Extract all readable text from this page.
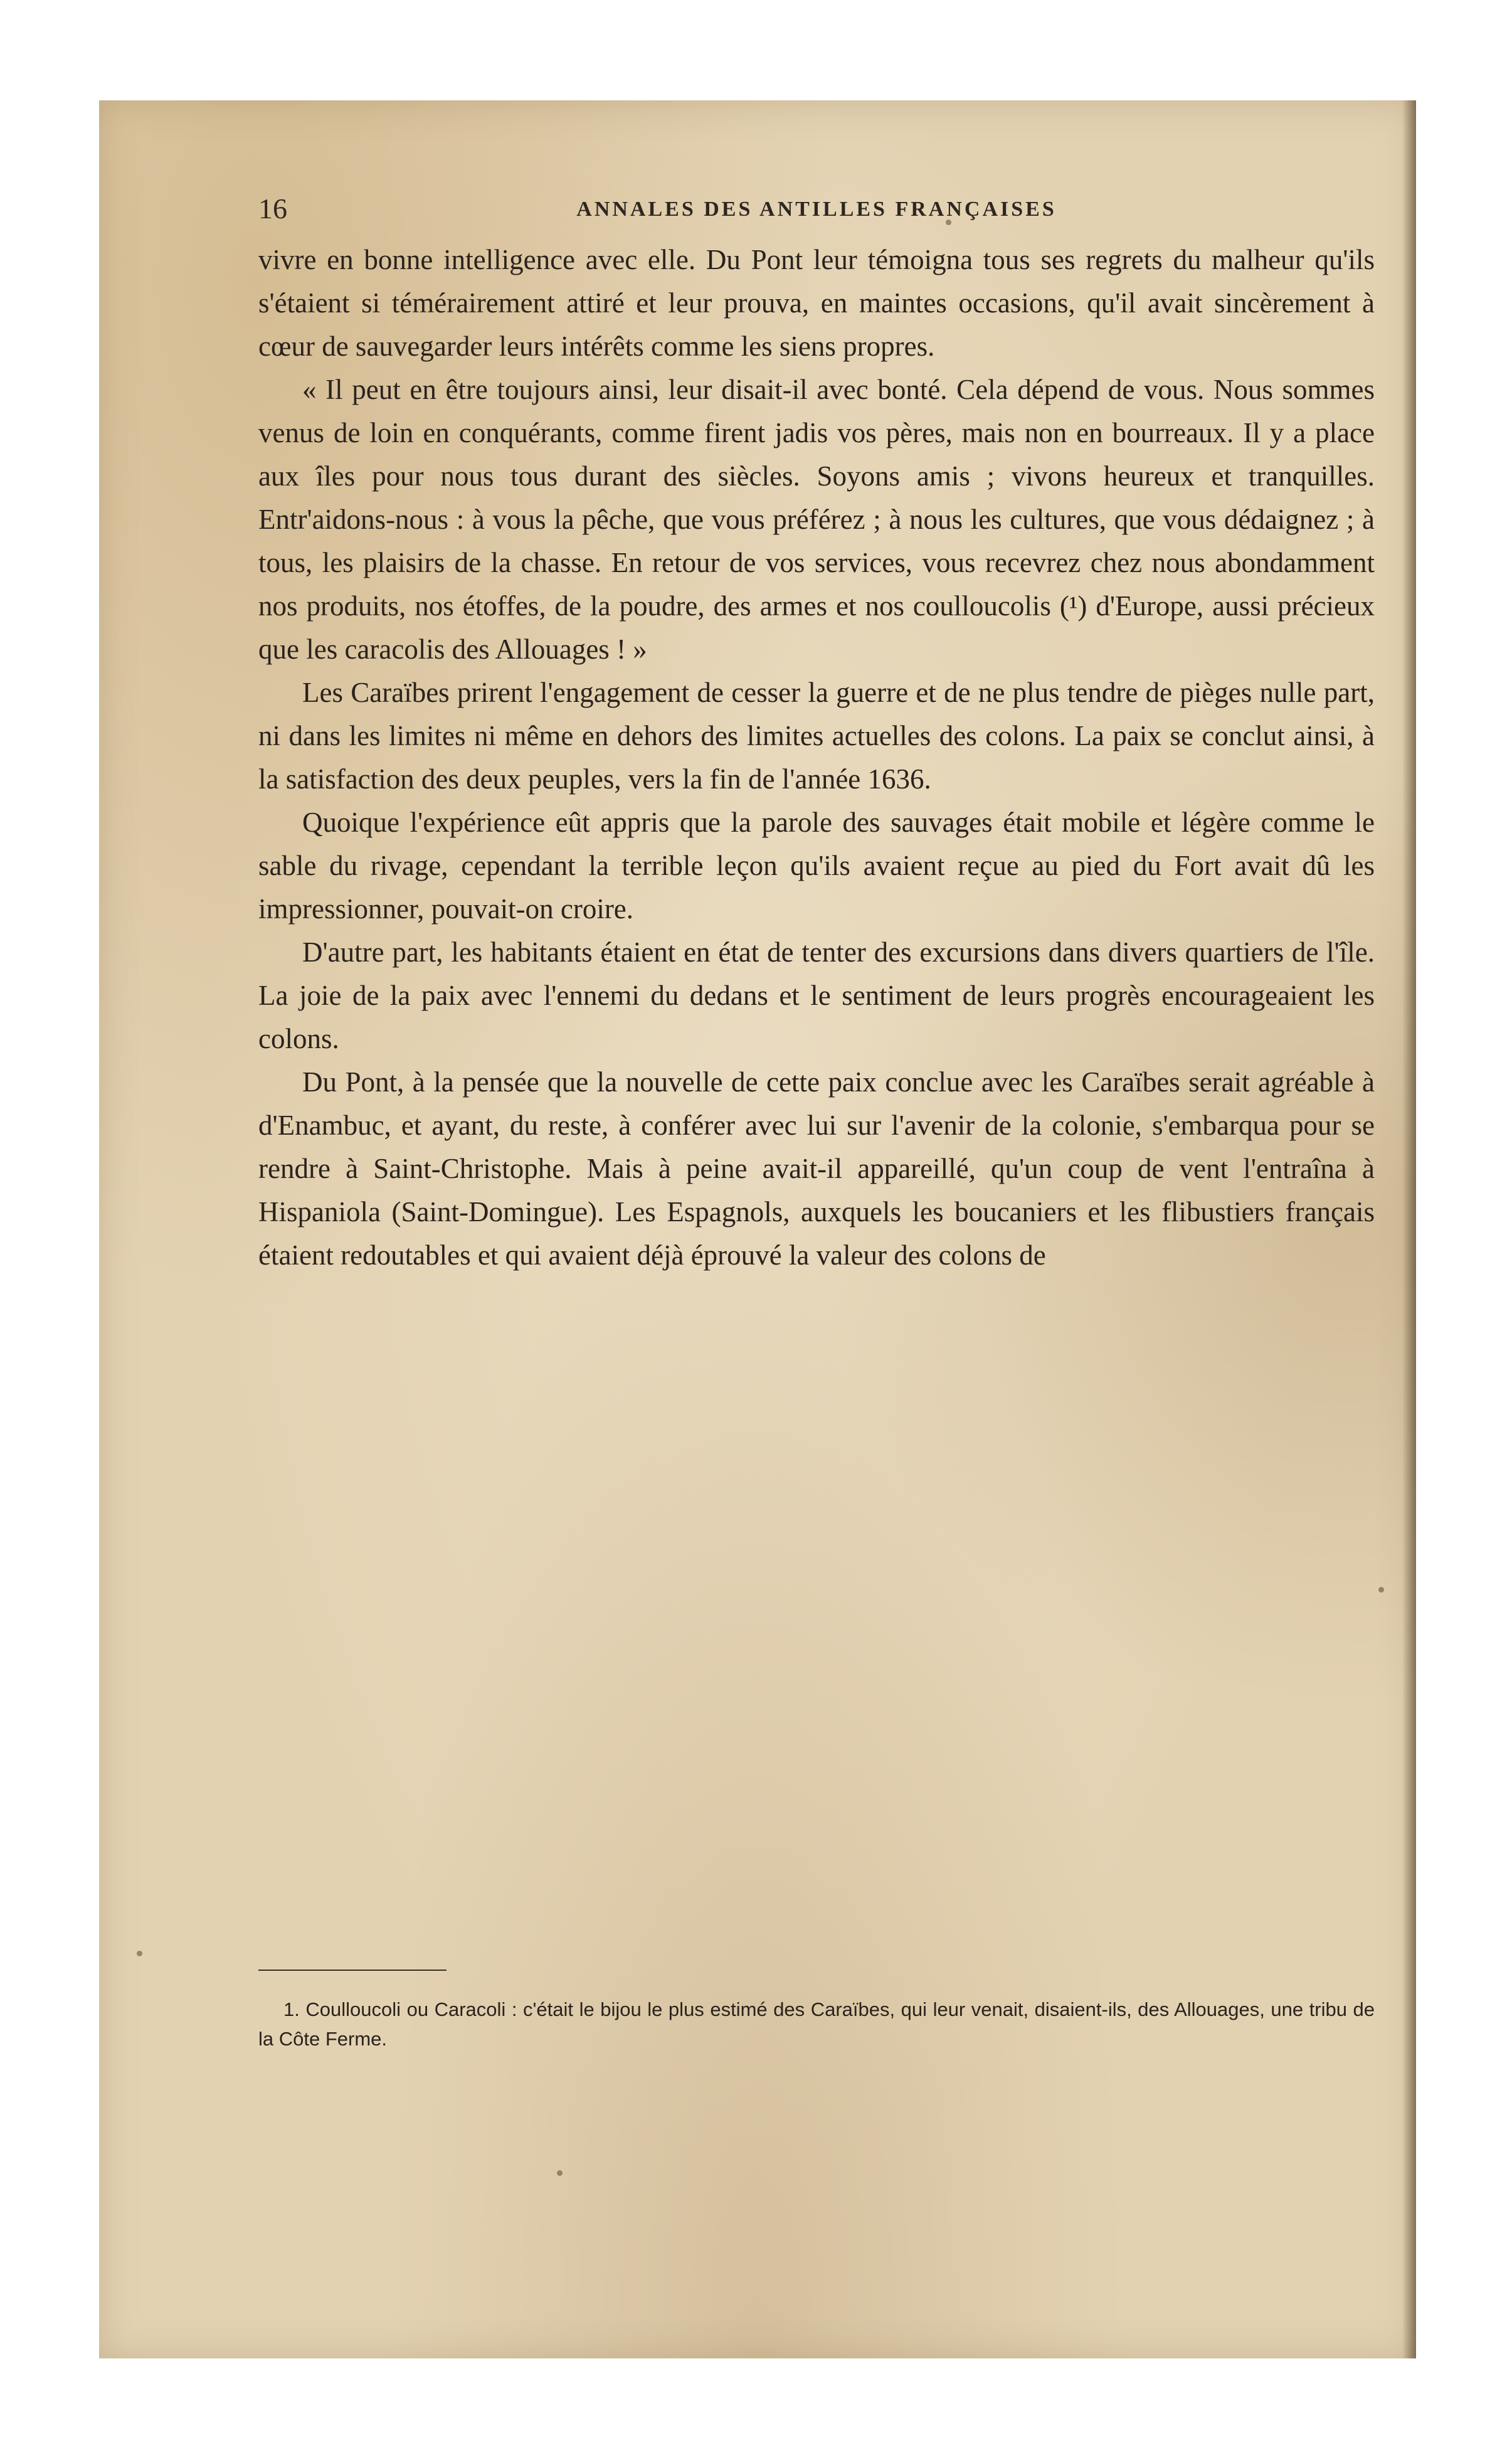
16	ANNALES DES ANTILLES FRANÇAISES

vivre en bonne intelligence avec elle. Du Pont leur témoigna tous ses regrets du malheur qu'ils s'étaient si témérairement attiré et leur prouva, en maintes occasions, qu'il avait sincèrement à cœur de sauvegarder leurs intérêts comme les siens propres.

« Il peut en être toujours ainsi, leur disait-il avec bonté. Cela dépend de vous. Nous sommes venus de loin en conquérants, comme firent jadis vos pères, mais non en bourreaux. Il y a place aux îles pour nous tous durant des siècles. Soyons amis ; vivons heureux et tranquilles. Entr'aidons-nous : à vous la pêche, que vous préférez ; à nous les cultures, que vous dédaignez ; à tous, les plaisirs de la chasse. En retour de vos services, vous recevrez chez nous abondamment nos produits, nos étoffes, de la poudre, des armes et nos coulloucolis (¹) d'Europe, aussi précieux que les caracolis des Allouages ! »

Les Caraïbes prirent l'engagement de cesser la guerre et de ne plus tendre de pièges nulle part, ni dans les limites ni même en dehors des limites actuelles des colons. La paix se conclut ainsi, à la satisfaction des deux peuples, vers la fin de l'année 1636.

Quoique l'expérience eût appris que la parole des sauvages était mobile et légère comme le sable du rivage, cependant la terrible leçon qu'ils avaient reçue au pied du Fort avait dû les impressionner, pouvait-on croire.

D'autre part, les habitants étaient en état de tenter des excursions dans divers quartiers de l'île. La joie de la paix avec l'ennemi du dedans et le sentiment de leurs progrès encourageaient les colons.

Du Pont, à la pensée que la nouvelle de cette paix conclue avec les Caraïbes serait agréable à d'Enambuc, et ayant, du reste, à conférer avec lui sur l'avenir de la colonie, s'embarqua pour se rendre à Saint-Christophe. Mais à peine avait-il appareillé, qu'un coup de vent l'entraîna à Hispaniola (Saint-Domingue). Les Espagnols, auxquels les boucaniers et les flibustiers français étaient redoutables et qui avaient déjà éprouvé la valeur des colons de

1. Coulloucoli ou Caracoli : c'était le bijou le plus estimé des Caraïbes, qui leur venait, disaient-ils, des Allouages, une tribu de la Côte Ferme.
